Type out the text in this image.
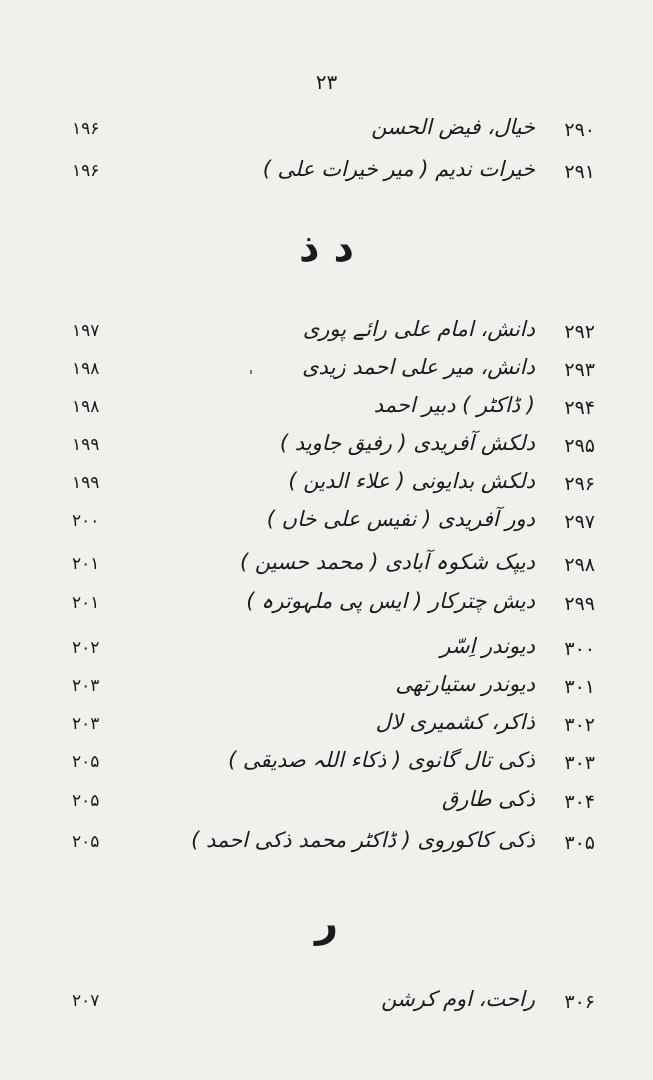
۲۳
۲۹۰
خیال، فیض الحسن
۱۹۶
۲۹۱
خیرات ندیم ( میر خیرات علی )
۱۹۶
د ذ
۲۹۲
دانش، امام علی رائے پوری
۱۹۷
۲۹۳
دانش، میر علی احمد زیدی
۱۹۸
۲۹۴
( ڈاکٹر ) دبیر احمد
۱۹۸
۲۹۵
دلکش آفریدی ( رفیق جاوید )
۱۹۹
۲۹۶
دلکش بدایونی ( علاء الدین )
۱۹۹
۲۹۷
دور آفریدی ( نفیس علی خاں )
۲۰۰
۲۹۸
دیپک شکوہ آبادی ( محمد حسین )
۲۰۱
۲۹۹
دیش چترکار ( ایس پی ملہوترہ )
۲۰۱
۳۰۰
دیوندر اِسّر
۲۰۲
۳۰۱
دیوندر ستیارتھی
۲۰۳
۳۰۲
ذاکر، کشمیری لال
۲۰۳
۳۰۳
ذکی تال گانوی ( ذکاء اللہ صدیقی )
۲۰۵
۳۰۴
ذکی طارق
۲۰۵
۳۰۵
ذکی کاکوروی ( ڈاکٹر محمد ذکی احمد )
۲۰۵
ر
۳۰۶
راحت، اوم کرشن
۲۰۷
